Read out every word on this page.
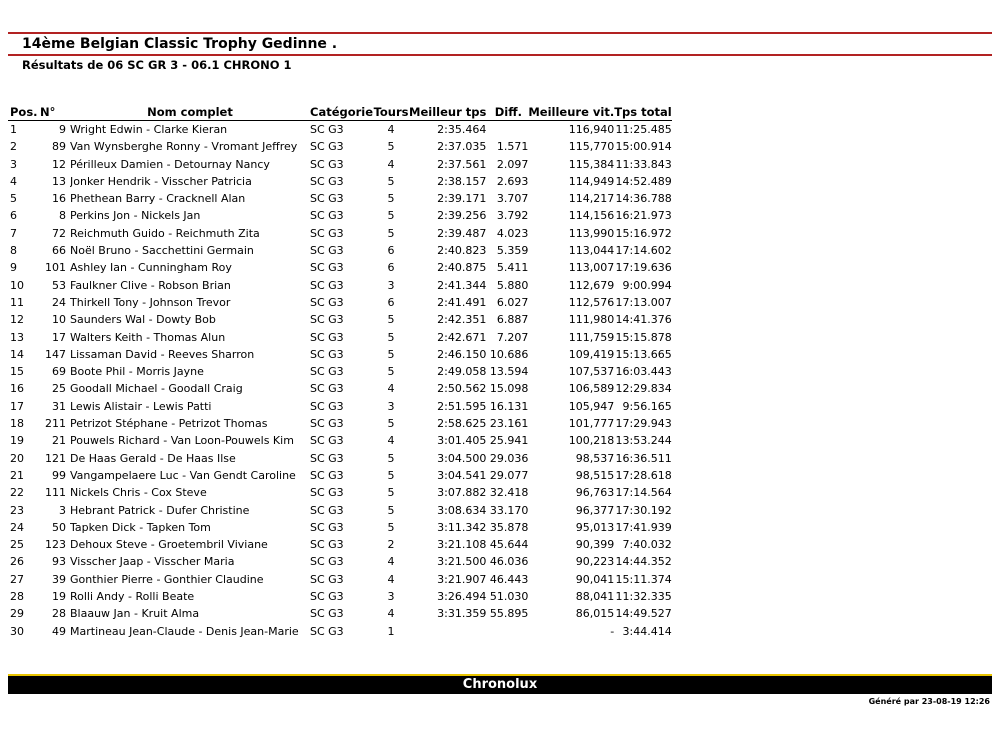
14ème Belgian Classic Trophy Gedinne .
Résultats de 06 SC GR 3 - 06.1 CHRONO 1
Pos.	N°	Nom complet	Catégorie	Tours	Meilleur tps	Diff.	Meilleure vit.	Tps total
1	9	Wright Edwin - Clarke Kieran	SC G3	4	2:35.464		116,940	11:25.485
2	89	Van Wynsberghe Ronny - Vromant Jeffrey	SC G3	5	2:37.035	1.571	115,770	15:00.914
3	12	Périlleux Damien - Detournay Nancy	SC G3	4	2:37.561	2.097	115,384	11:33.843
4	13	Jonker Hendrik - Visscher Patricia	SC G3	5	2:38.157	2.693	114,949	14:52.489
5	16	Phethean Barry - Cracknell Alan	SC G3	5	2:39.171	3.707	114,217	14:36.788
6	8	Perkins Jon - Nickels Jan	SC G3	5	2:39.256	3.792	114,156	16:21.973
7	72	Reichmuth Guido - Reichmuth Zita	SC G3	5	2:39.487	4.023	113,990	15:16.972
8	66	Noël Bruno - Sacchettini Germain	SC G3	6	2:40.823	5.359	113,044	17:14.602
9	101	Ashley Ian - Cunningham Roy	SC G3	6	2:40.875	5.411	113,007	17:19.636
10	53	Faulkner Clive - Robson Brian	SC G3	3	2:41.344	5.880	112,679	9:00.994
11	24	Thirkell Tony - Johnson Trevor	SC G3	6	2:41.491	6.027	112,576	17:13.007
12	10	Saunders Wal - Dowty Bob	SC G3	5	2:42.351	6.887	111,980	14:41.376
13	17	Walters Keith - Thomas Alun	SC G3	5	2:42.671	7.207	111,759	15:15.878
14	147	Lissaman David - Reeves Sharron	SC G3	5	2:46.150	10.686	109,419	15:13.665
15	69	Boote Phil - Morris Jayne	SC G3	5	2:49.058	13.594	107,537	16:03.443
16	25	Goodall Michael - Goodall Craig	SC G3	4	2:50.562	15.098	106,589	12:29.834
17	31	Lewis Alistair - Lewis Patti	SC G3	3	2:51.595	16.131	105,947	9:56.165
18	211	Petrizot Stéphane - Petrizot Thomas	SC G3	5	2:58.625	23.161	101,777	17:29.943
19	21	Pouwels Richard - Van Loon-Pouwels Kim	SC G3	4	3:01.405	25.941	100,218	13:53.244
20	121	De Haas Gerald - De Haas Ilse	SC G3	5	3:04.500	29.036	98,537	16:36.511
21	99	Vangampelaere Luc - Van Gendt Caroline	SC G3	5	3:04.541	29.077	98,515	17:28.618
22	111	Nickels Chris - Cox Steve	SC G3	5	3:07.882	32.418	96,763	17:14.564
23	3	Hebrant Patrick - Dufer Christine	SC G3	5	3:08.634	33.170	96,377	17:30.192
24	50	Tapken Dick - Tapken Tom	SC G3	5	3:11.342	35.878	95,013	17:41.939
25	123	Dehoux Steve - Groetembril Viviane	SC G3	2	3:21.108	45.644	90,399	7:40.032
26	93	Visscher Jaap - Visscher Maria	SC G3	4	3:21.500	46.036	90,223	14:44.352
27	39	Gonthier Pierre - Gonthier Claudine	SC G3	4	3:21.907	46.443	90,041	15:11.374
28	19	Rolli Andy - Rolli Beate	SC G3	3	3:26.494	51.030	88,041	11:32.335
29	28	Blaauw Jan - Kruit Alma	SC G3	4	3:31.359	55.895	86,015	14:49.527
30	49	Martineau Jean-Claude - Denis Jean-Marie	SC G3	1			-	3:44.414
Chronolux
Généré par 23-08-19 12:26
